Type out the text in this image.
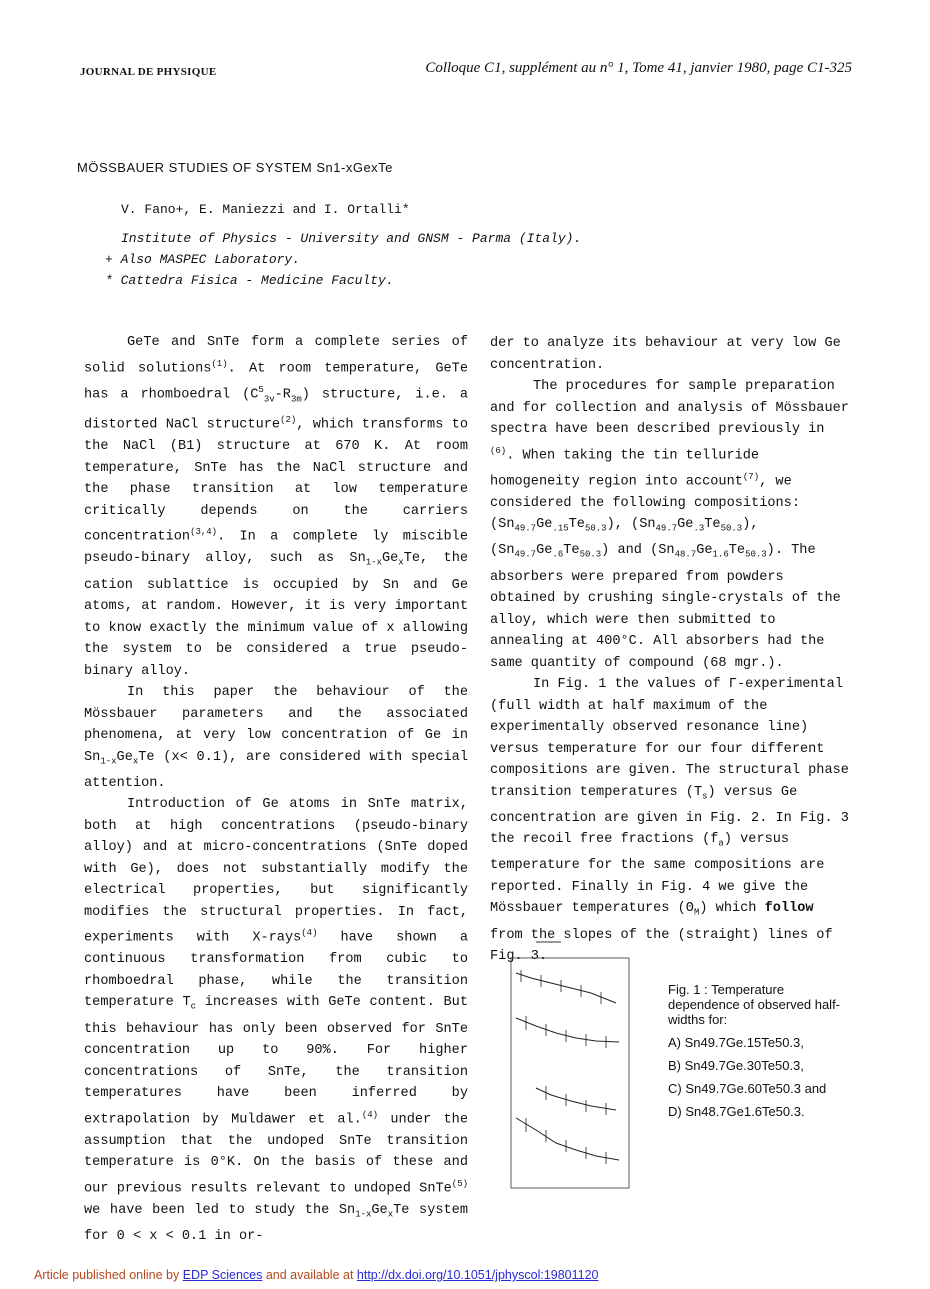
JOURNAL DE PHYSIQUE	Colloque C1, supplément au n° 1, Tome 41, janvier 1980, page C1-325
MÖSSBAUER STUDIES OF SYSTEM Sn1-xGexTe
V. Fano+, E. Maniezzi and I. Ortalli*
Institute of Physics - University and GNSM - Parma (Italy).
+ Also MASPEC Laboratory.
* Cattedra Fisica - Medicine Faculty.

GeTe and SnTe form a complete series of solid solutions$^{(1)}$. At room temperature, GeTe has a rhomboedral $(C^5_{3v}-R_{3m})$ structure, i.e. a distorted NaCl structure$^{(2)}$, which transforms to the NaCl (B1) structure at 670 K. At room temperature, SnTe has the NaCl structure and the phase transition at low temperature critically depends on the carriers concentration$^{(3,4)}$. In a complete ly miscible pseudo-binary alloy, such as $Sn_{1-x}Ge_xTe$, the cation sublattice is occupied by Sn and Ge atoms, at random. However, it is very important to know exactly the minimum value of x allowing the system to be considered a true pseudo-binary alloy.

In this paper the behaviour of the Mössbauer parameters and the associated phenomena, at very low concentration of Ge in $Sn_{1-x}Ge_xTe$ (x< 0.1), are considered with special attention.

Introduction of Ge atoms in SnTe matrix, both at high concentrations (pseudo-binary alloy) and at micro-concentrations (SnTe doped with Ge), does not substantially modify the electrical properties, but significantly modifies the structural properties. In fact, experiments with X-rays$^{(4)}$ have shown a continuous transformation from cubic to rhomboedral phase, while the transition temperature $T_c$ increases with GeTe content. But this behaviour has only been observed for SnTe concentration up to 90%. For higher concentrations of SnTe, the transition temperatures have been inferred by extrapolation by Muldawer et al.$^{(4)}$ under the assumption that the undoped SnTe transition temperature is 0°K. On the basis of these and our previous results relevant to undoped SnTe$^{(5)}$ we have been led to study the $Sn_{1-x}Ge_xTe$ system for 0 < x < 0.1 in or-

der to analyze its behaviour at very low Ge concentration.

The procedures for sample preparation and for collection and analysis of Mössbauer spectra have been described previously in $^{(6)}$. When taking the tin telluride homogeneity region into account$^{(7)}$, we considered the following compositions: $(Sn_{49.7}Ge_{.15}Te_{50.3})$, $(Sn_{49.7}Ge_{.3}Te_{50.3})$, $(Sn_{49.7}Ge_{.6}Te_{50.3})$ and $(Sn_{48.7}Ge_{1.6}Te_{50.3})$. The absorbers were prepared from powders obtained by crushing single-crystals of the alloy, which were then submitted to annealing at 400°C. All absorbers had the same quantity of compound (68 mgr.).

In Fig. 1 the values of Γ-experimental (full width at half maximum of the experimentally observed resonance line) versus temperature for our four different compositions are given. The structural phase transition temperatures $(T_s)$ versus Ge concentration are given in Fig. 2. In Fig. 3 the recoil free fractions $(f_a)$ versus temperature for the same compositions are reported. Finally in Fig. 4 we give the Mössbauer temperatures $(\Theta_M)$ which follow from the slopes of the (straight) lines of Fig. 3.

Fig. 1 : Temperature dependence of observed half-widths for:
A) Sn49.7Ge.15Te50.3,
B) Sn49.7Ge.30Te50.3,
C) Sn49.7Ge.60Te50.3 and
D) Sn48.7Ge1.6Te50.3.
Article published online by EDP Sciences and available at http://dx.doi.org/10.1051/jphyscol:19801120
